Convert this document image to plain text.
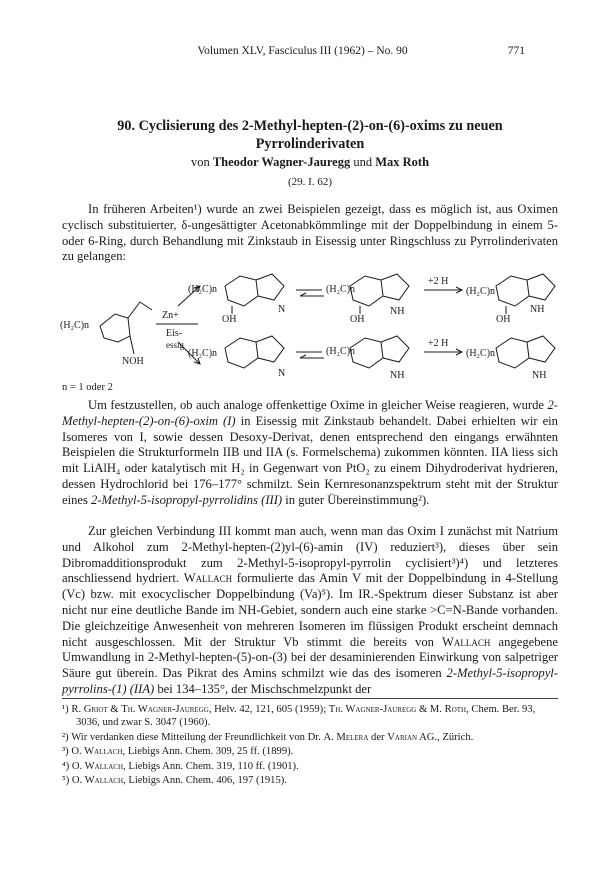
Volumen XLV, Fasciculus III (1962) – No. 90	771
90. Cyclisierung des 2-Methyl-hepten-(2)-on-(6)-oxims zu neuen
Pyrrolinderivaten
von Theodor Wagner-Jauregg und Max Roth
(29. I. 62)

In früheren Arbeiten¹) wurde an zwei Beispielen gezeigt, dass es möglich ist, aus Oximen cyclisch substituierter, δ-ungesättigter Acetonabkömmlinge mit der Doppelbindung in einem 5- oder 6-Ring, durch Behandlung mit Zinkstaub in Eisessig unter Ringschluss zu Pyrrolinderivaten zu gelangen:

(H₂C)n
NOH
Zn+
Eis-
essig
(H₂C)n
OH
N
(H₂C)n
OH
NH
+2 H
(H₂C)n
OH
NH
(H₂C)n
N
(H₂C)n
NH
+2 H
(H₂C)n
NH
n = 1 oder 2

Um festzustellen, ob auch analoge offenkettige Oxime in gleicher Weise reagieren, wurde 2-Methyl-hepten-(2)-on-(6)-oxim (I) in Eisessig mit Zinkstaub behandelt. Dabei erhielten wir ein Isomeres von I, sowie dessen Desoxy-Derivat, denen entsprechend den eingangs erwähnten Beispielen die Strukturformeln IIB und IIA (s. Formelschema) zukommen könnten. IIA liess sich mit LiAlH₄ oder katalytisch mit H₂ in Gegenwart von PtO₂ zu einem Dihydroderivat hydrieren, dessen Hydrochlorid bei 176–177° schmilzt. Sein Kernresonanzspektrum steht mit der Struktur eines 2-Methyl-5-isopropyl-pyrrolidins (III) in guter Übereinstimmung²).

Zur gleichen Verbindung III kommt man auch, wenn man das Oxim I zunächst mit Natrium und Alkohol zum 2-Methyl-hepten-(2)yl-(6)-amin (IV) reduziert³), dieses über sein Dibromadditionsprodukt zum 2-Methyl-5-isopropyl-pyrrolin cyclisiert³)⁴) und letzteres anschliessend hydriert. Wallach formulierte das Amin V mit der Doppelbindung in 4-Stellung (Vc) bzw. mit exocyclischer Doppelbindung (Va)⁵). Im IR.-Spektrum dieser Substanz ist aber nicht nur eine deutliche Bande im NH-Gebiet, sondern auch eine starke >C=N-Bande vorhanden. Die gleichzeitige Anwesenheit von mehreren Isomeren im flüssigen Produkt erscheint demnach nicht ausgeschlossen. Mit der Struktur Vb stimmt die bereits von Wallach angegebene Umwandlung in 2-Methyl-hepten-(5)-on-(3) bei der desaminierenden Einwirkung von salpetriger Säure gut überein. Das Pikrat des Amins schmilzt wie das des isomeren 2-Methyl-5-isopropyl-pyrrolins-(1) (IIA) bei 134–135°, der Mischschmelzpunkt der

¹) R. Griot & Th. Wagner-Jauregg, Helv. 42, 121, 605 (1959); Th. Wagner-Jauregg & M. Roth, Chem. Ber. 93, 3036, und zwar S. 3047 (1960).

²) Wir verdanken diese Mitteilung der Freundlichkeit von Dr. A. Melera der Varian AG., Zürich.

³) O. Wallach, Liebigs Ann. Chem. 309, 25 ff. (1899).

⁴) O. Wallach, Liebigs Ann. Chem. 319, 110 ff. (1901).

⁵) O. Wallach, Liebigs Ann. Chem. 406, 197 (1915).
